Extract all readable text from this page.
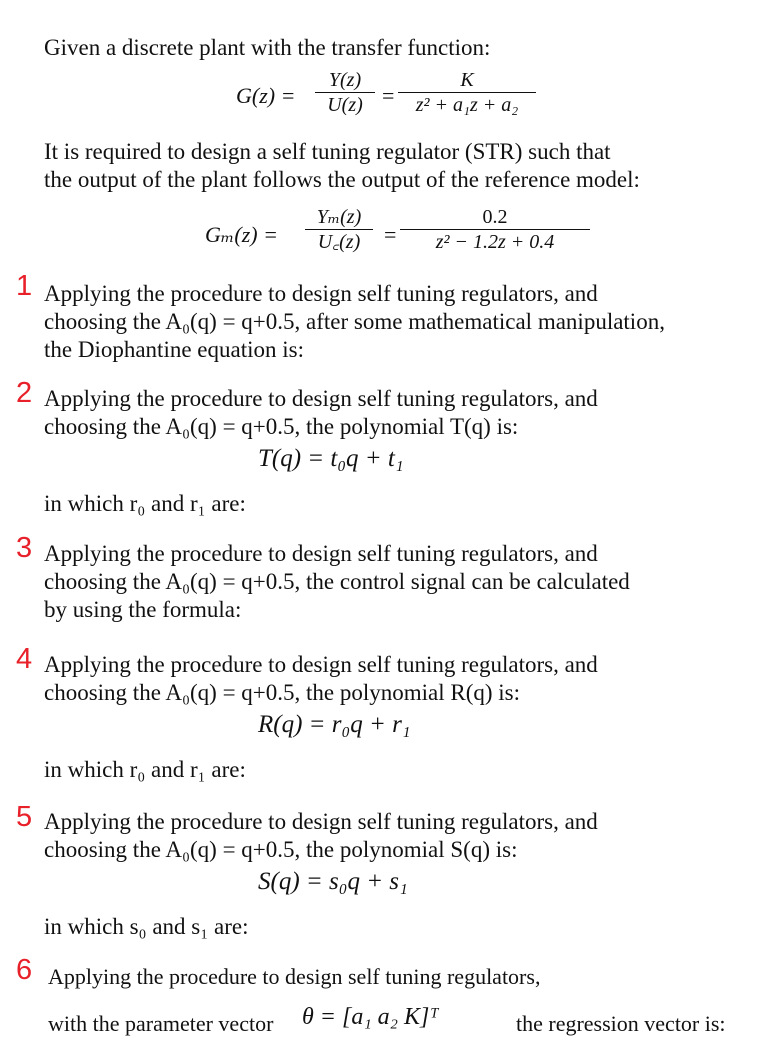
Given a discrete plant with the transfer function:
G(z) =
Y(z)
U(z) =
K
z² + a₁z + a₂
It is required to design a self tuning regulator (STR) such that
the output of the plant follows the output of the reference model:
Gₘ(z) =
Yₘ(z)
U꜀(z) =
0.2
z² − 1.2z + 0.4
1 Applying the procedure to design self tuning regulators, and
choosing the A₀(q) = q+0.5, after some mathematical manipulation,
the Diophantine equation is:
2 Applying the procedure to design self tuning regulators, and
choosing the A₀(q) = q+0.5, the polynomial T(q) is:
T(q) = t₀q + t₁
in which r₀ and r₁ are:
3 Applying the procedure to design self tuning regulators, and
choosing the A₀(q) = q+0.5, the control signal can be calculated
by using the formula:
4 Applying the procedure to design self tuning regulators, and
choosing the A₀(q) = q+0.5, the polynomial R(q) is:
R(q) = r₀q + r₁
in which r₀ and r₁ are:
5 Applying the procedure to design self tuning regulators, and
choosing the A₀(q) = q+0.5, the polynomial S(q) is:
S(q) = s₀q + s₁
in which s₀ and s₁ are:
6 Applying the procedure to design self tuning regulators,
with the parameter vector θ = [a₁ a₂ K]ᵀ	the regression vector is:
